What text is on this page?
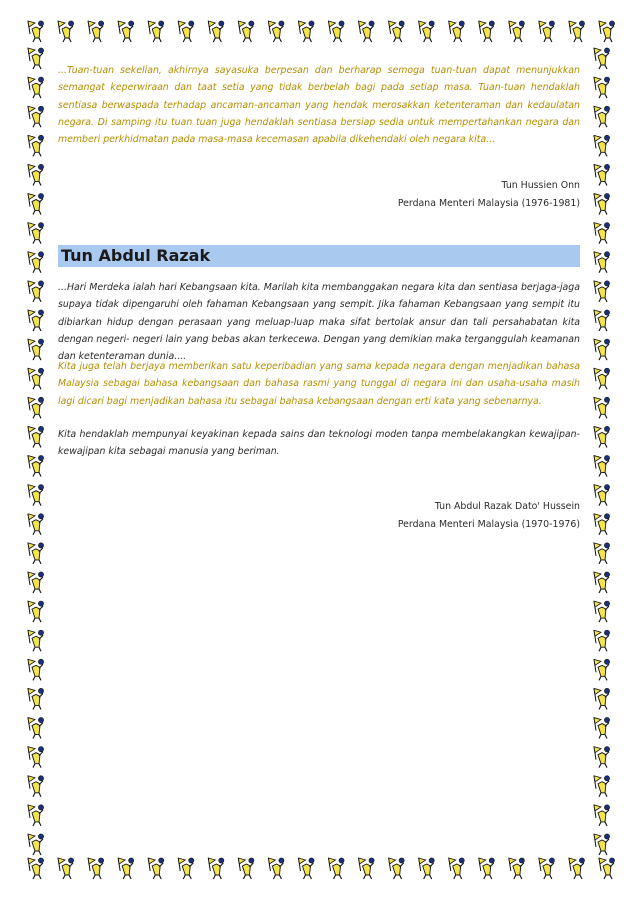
...Tuan-tuan sekelian, akhirnya sayasuka berpesan dan berharap semoga tuan-tuan dapat menunjukkan semangat keperwiraan dan taat setia yang tidak berbelah bagi pada setiap masa. Tuan-tuan hendaklah sentiasa berwaspada terhadap ancaman-ancaman yang hendak merosakkan ketenteraman dan kedaulatan negara. Di samping itu tuan tuan juga hendaklah sentiasa bersiap sedia untuk mempertahankan negara dan memberi perkhidmatan pada masa-masa kecemasan apabila dikehendaki oleh negara kita...

Tun Hussien Onn
Perdana Menteri Malaysia (1976-1981)
Tun Abdul Razak

...Hari Merdeka ialah hari Kebangsaan kita. Marilah kita membanggakan negara kita dan sentiasa berjaga-jaga supaya tidak dipengaruhi oleh fahaman Kebangsaan yang sempit. Jika fahaman Kebangsaan yang sempit itu dibiarkan hidup dengan perasaan yang meluap-luap maka sifat bertolak ansur dan tali persahabatan kita dengan negeri- negeri lain yang bebas akan terkecewa. Dengan yang demikian maka terganggulah keamanan dan ketenteraman dunia....

Kita juga telah berjaya memberikan satu keperibadian yang sama kepada negara dengan menjadikan bahasa Malaysia sebagai bahasa kebangsaan dan bahasa rasmi yang tunggal di negara ini dan usaha-usaha masih lagi dicari bagi menjadikan bahasa itu sebagai bahasa kebangsaan dengan erti kata yang sebenarnya.

Kita hendaklah mempunyai keyakinan kepada sains dan teknologi moden tanpa membelakangkan kewajipan- kewajipan kita sebagai manusia yang beriman.

Tun Abdul Razak Dato' Hussein
Perdana Menteri Malaysia (1970-1976)
